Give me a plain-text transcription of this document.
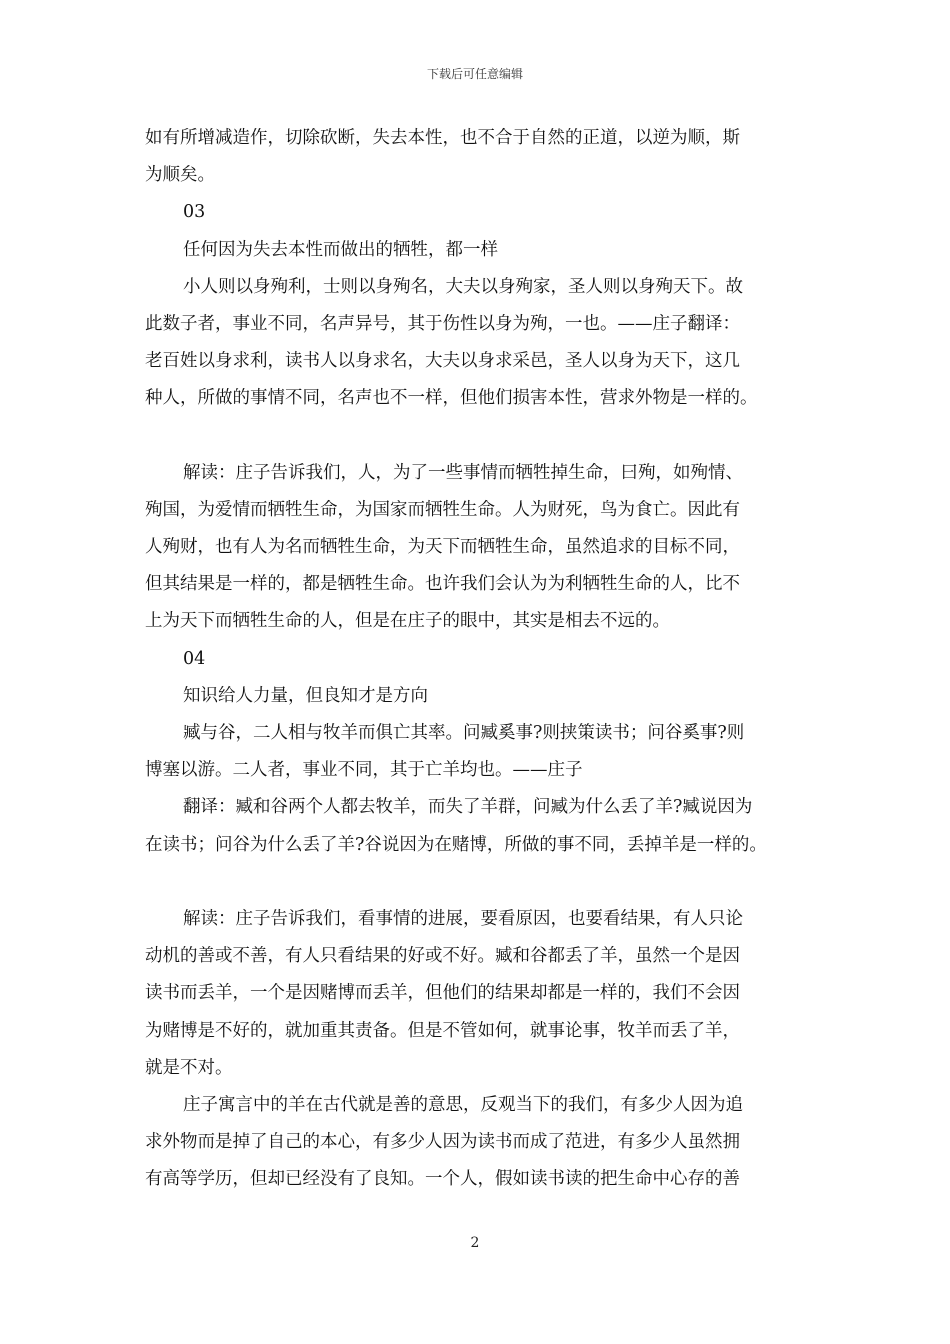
下载后可任意编辑
如有所增减造作，切除砍断，失去本性，也不合于自然的正道，以逆为顺，斯
为顺矣。
03
任何因为失去本性而做出的牺牲，都一样
小人则以身殉利，士则以身殉名，大夫以身殉家，圣人则以身殉天下。故
此数子者，事业不同，名声异号，其于伤性以身为殉，一也。——庄子翻译：
老百姓以身求利，读书人以身求名，大夫以身求采邑，圣人以身为天下，这几
种人，所做的事情不同，名声也不一样，但他们损害本性，营求外物是一样的。
解读：庄子告诉我们，人，为了一些事情而牺牲掉生命，曰殉，如殉情、
殉国，为爱情而牺牲生命，为国家而牺牲生命。人为财死，鸟为食亡。因此有
人殉财，也有人为名而牺牲生命，为天下而牺牲生命，虽然追求的目标不同，
但其结果是一样的，都是牺牲生命。也许我们会认为为利牺牲生命的人，比不
上为天下而牺牲生命的人，但是在庄子的眼中，其实是相去不远的。
04
知识给人力量，但良知才是方向
臧与谷，二人相与牧羊而俱亡其率。问臧奚事?则挟策读书；问谷奚事?则
博塞以游。二人者，事业不同，其于亡羊均也。——庄子
翻译：臧和谷两个人都去牧羊，而失了羊群，问臧为什么丢了羊?臧说因为
在读书；问谷为什么丢了羊?谷说因为在赌博，所做的事不同，丢掉羊是一样的。
解读：庄子告诉我们，看事情的进展，要看原因，也要看结果，有人只论
动机的善或不善，有人只看结果的好或不好。臧和谷都丢了羊，虽然一个是因
读书而丢羊，一个是因赌博而丢羊，但他们的结果却都是一样的，我们不会因
为赌博是不好的，就加重其责备。但是不管如何，就事论事，牧羊而丢了羊，
就是不对。
庄子寓言中的羊在古代就是善的意思，反观当下的我们，有多少人因为追
求外物而是掉了自己的本心，有多少人因为读书而成了范进，有多少人虽然拥
有高等学历，但却已经没有了良知。一个人，假如读书读的把生命中心存的善
2
